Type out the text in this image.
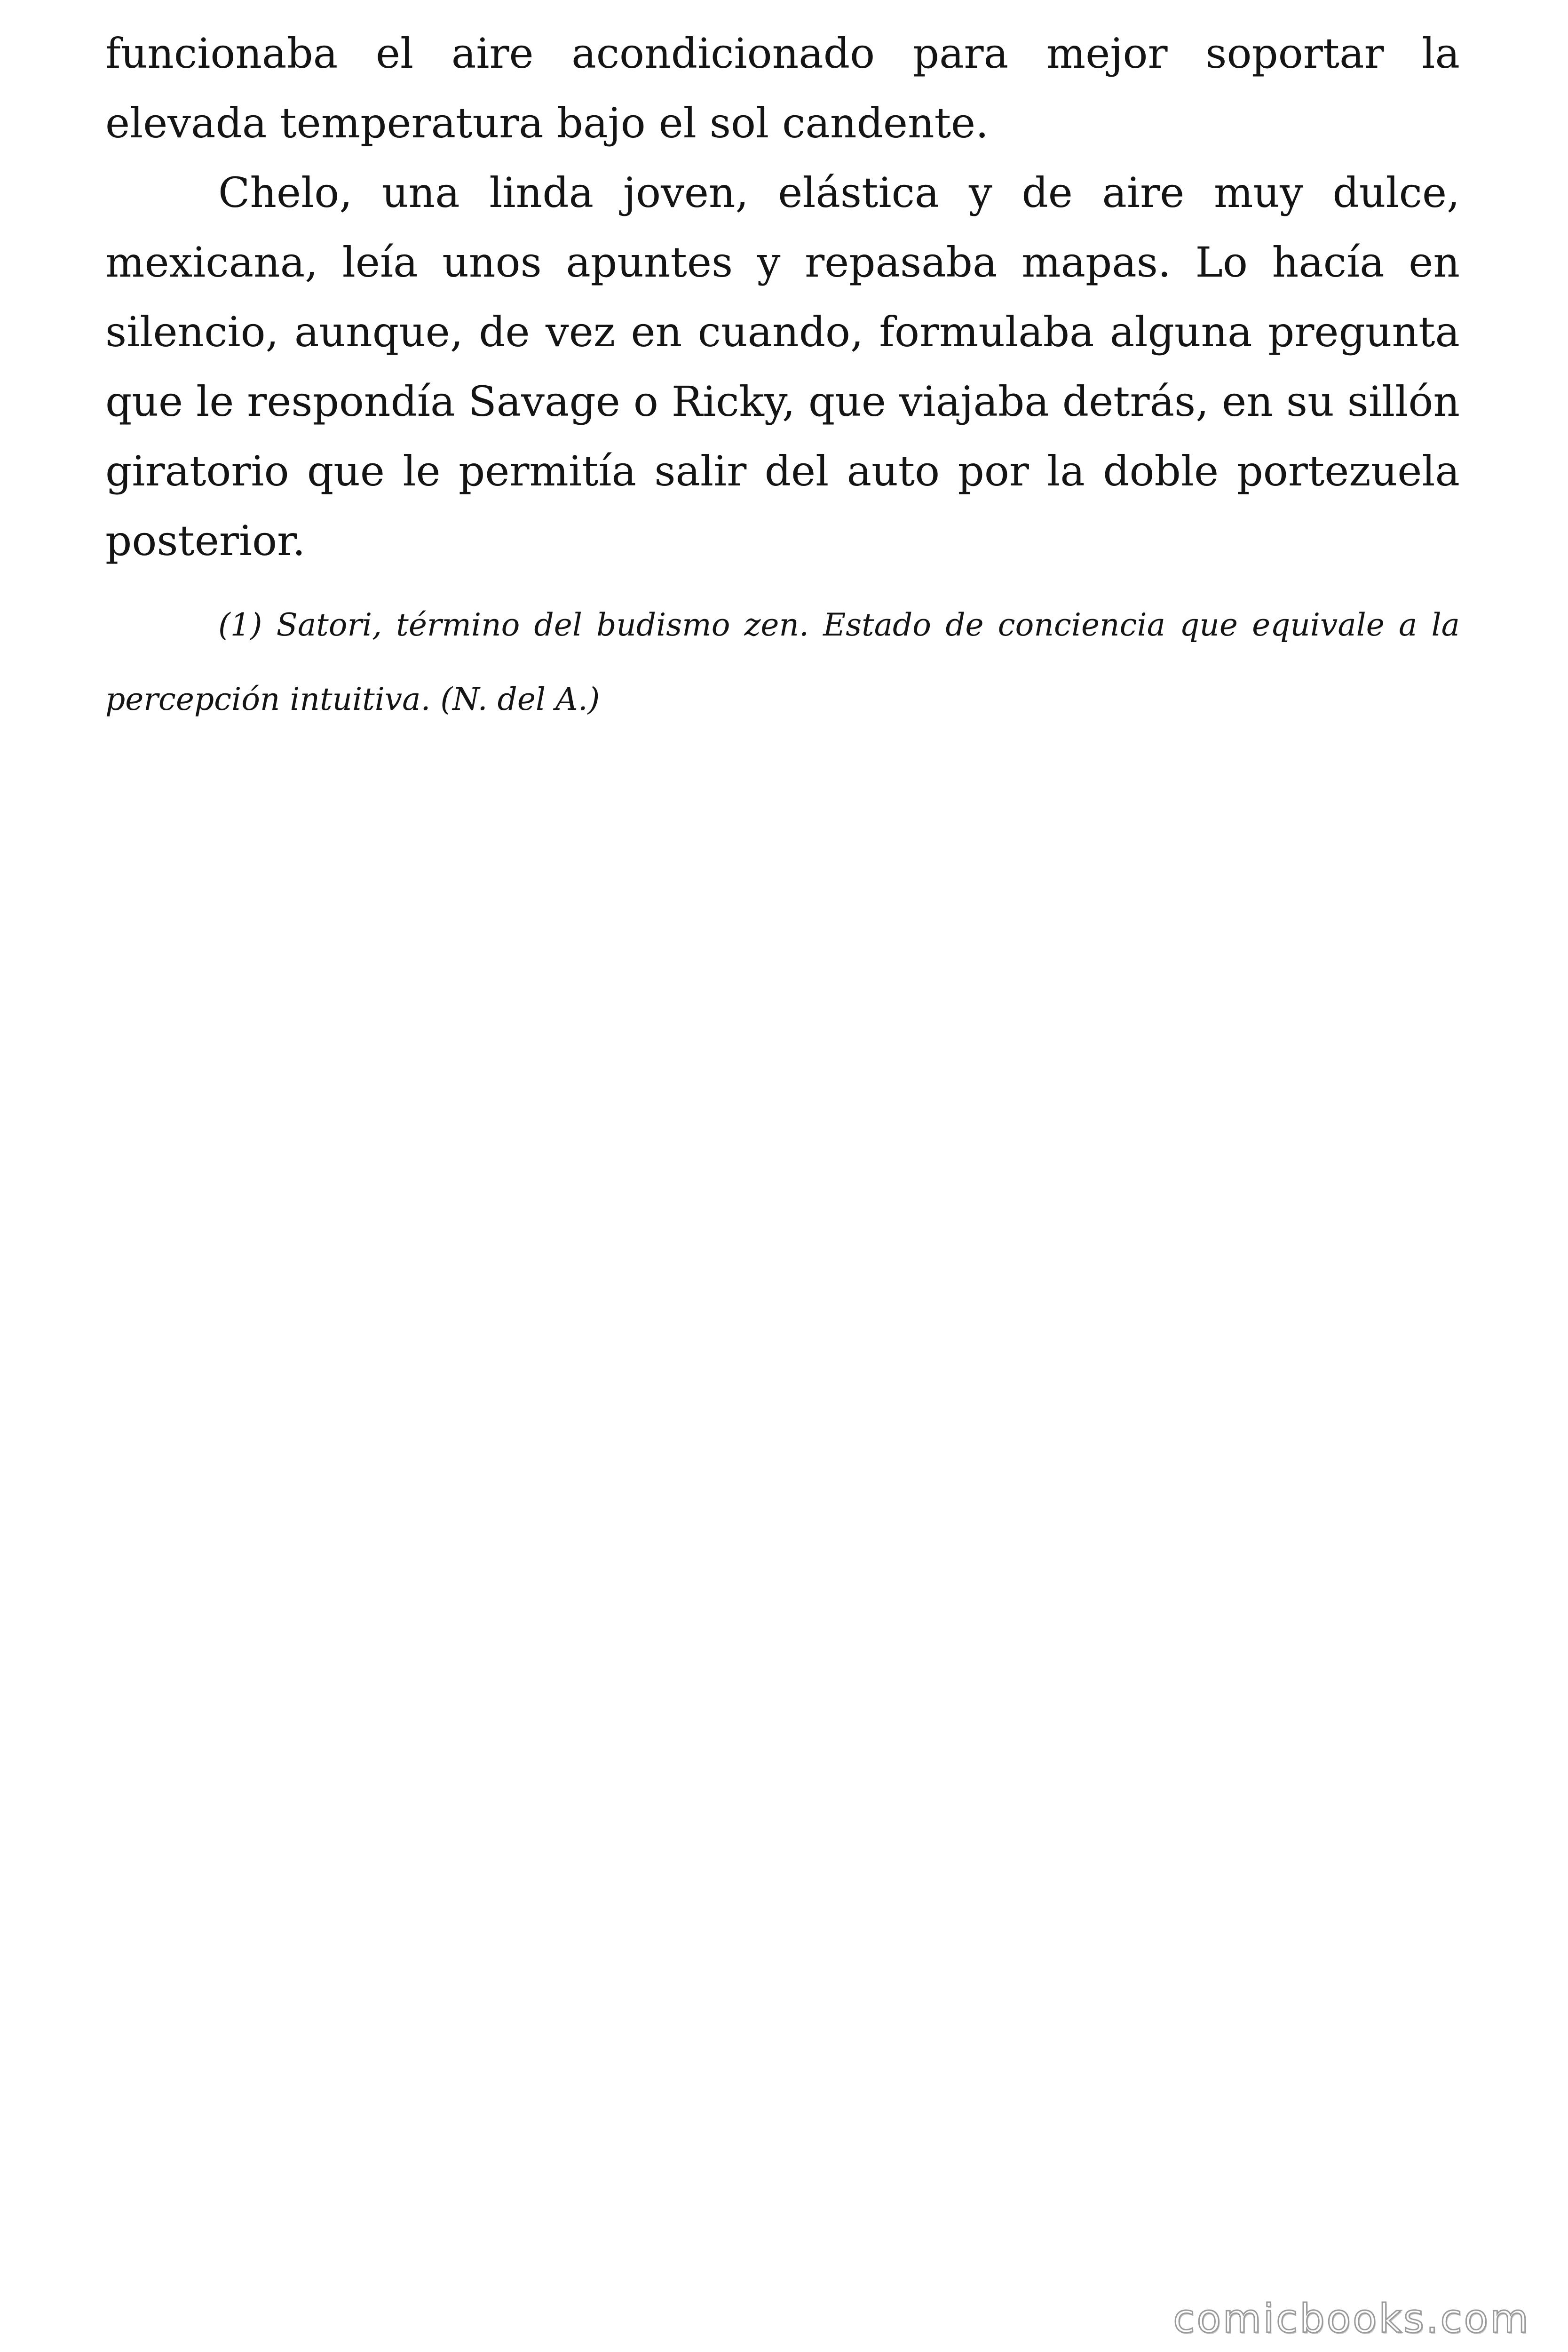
funcionaba el aire acondicionado para mejor soportar la elevada temperatura bajo el sol candente.

Chelo, una linda joven, elástica y de aire muy dulce, mexicana, leía unos apuntes y repasaba mapas. Lo hacía en silencio, aunque, de vez en cuando, formulaba alguna pregunta que le respondía Savage o Ricky, que viajaba detrás, en su sillón giratorio que le permitía salir del auto por la doble portezuela posterior.

(1) Satori, término del budismo zen. Estado de conciencia que equivale a la percepción intuitiva. (N. del A.)

comicbooks.com
